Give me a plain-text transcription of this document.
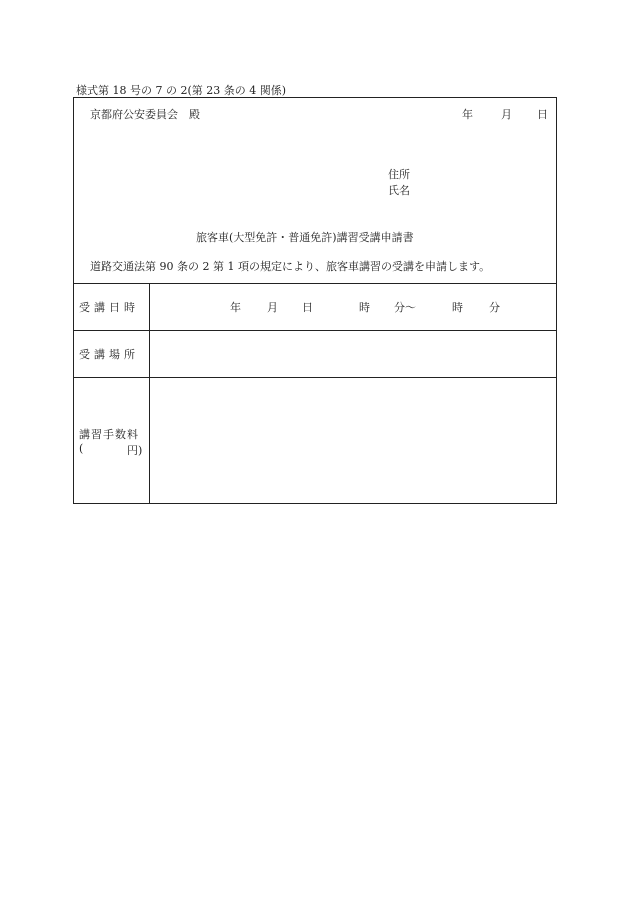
様式第 18 号の 7 の 2(第 23 条の 4 関係)
京都府公安委員会　殿	年	月 日
住所
氏名
旅客車(大型免許・普通免許)講習受講申請書
道路交通法第 90 条の 2 第 1 項の規定により、旅客車講習の受講を申請します。
受講日時	年 月 日	時 分〜	時 分
受講場所
講習手数料
(	円)
